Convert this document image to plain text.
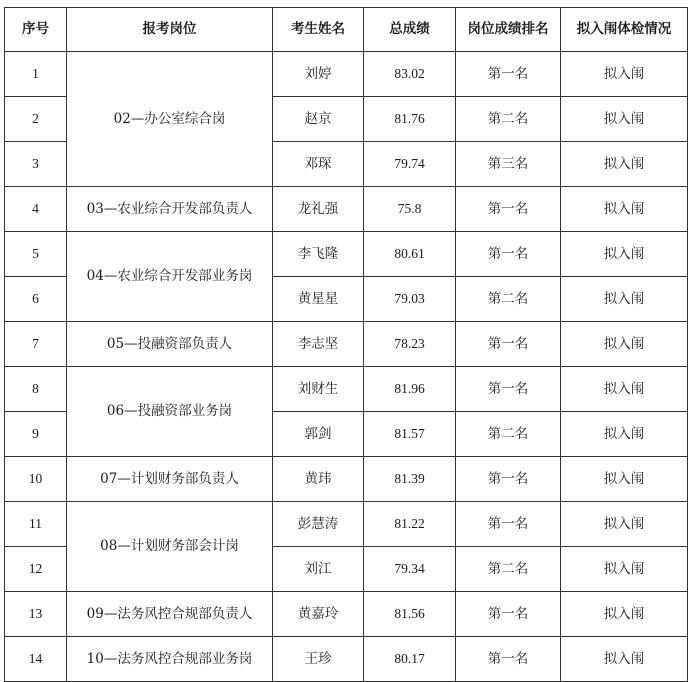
序号	报考岗位	考生姓名	总成绩	岗位成绩排名	拟入闱体检情况
1	02—办公室综合岗	刘婷	83.02	第一名	拟入闱
2		赵京	81.76	第二名	拟入闱
3		邓琛	79.74	第三名	拟入闱
4	03—农业综合开发部负责人	龙礼强	75.8	第一名	拟入闱
5	04—农业综合开发部业务岗	李飞隆	80.61	第一名	拟入闱
6		黄星星	79.03	第二名	拟入闱
7	05—投融资部负责人	李志坚	78.23	第一名	拟入闱
8	06—投融资部业务岗	刘财生	81.96	第一名	拟入闱
9		郭剑	81.57	第二名	拟入闱
10	07—计划财务部负责人	黄玮	81.39	第一名	拟入闱
11	08—计划财务部会计岗	彭慧涛	81.22	第一名	拟入闱
12		刘江	79.34	第二名	拟入闱
13	09—法务风控合规部负责人	黄嘉玲	81.56	第一名	拟入闱
14	10—法务风控合规部业务岗	王珍	80.17	第一名	拟入闱
